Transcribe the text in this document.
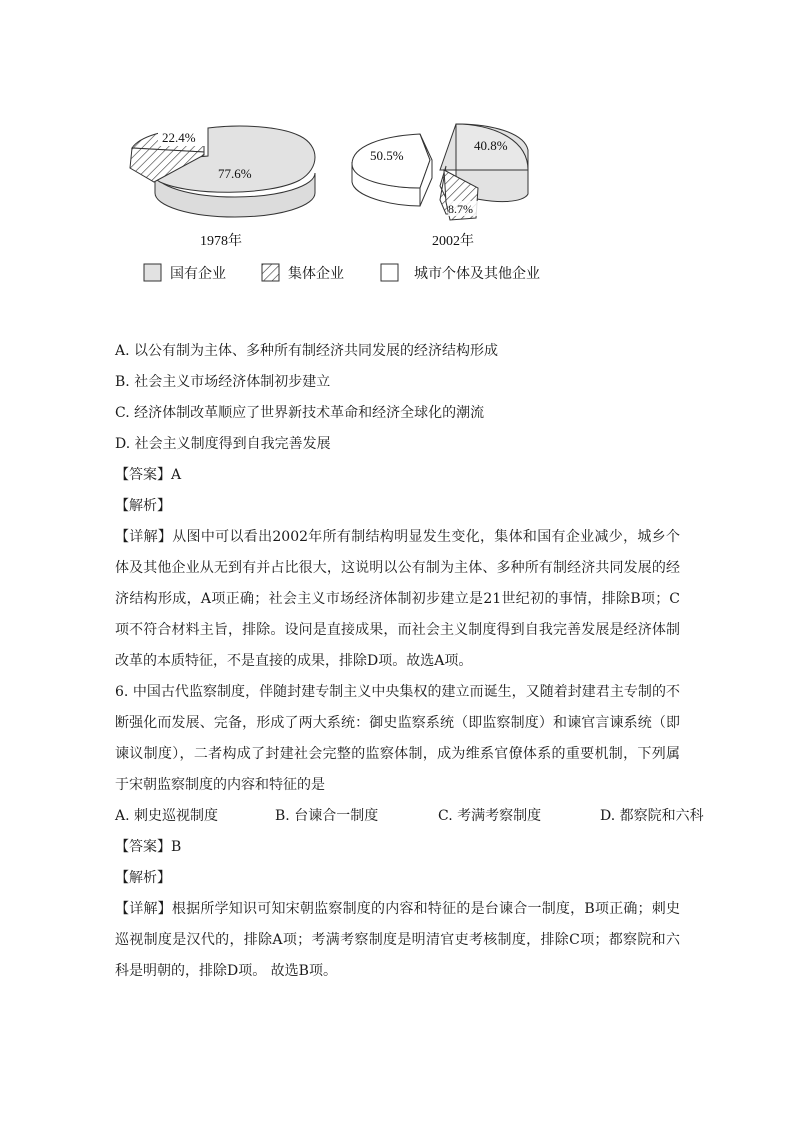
22.4%
77.6%
1978年
50.5%
40.8%
8.7%
2002年
国有企业	集体企业	城市个体及其他企业
A. 以公有制为主体、多种所有制经济共同发展的经济结构形成
B. 社会主义市场经济体制初步建立
C. 经济体制改革顺应了世界新技术革命和经济全球化的潮流
D. 社会主义制度得到自我完善发展
【答案】A
【解析】
【详解】从图中可以看出2002年所有制结构明显发生变化，集体和国有企业减少，城乡个体及其他企业从无到有并占比很大，这说明以公有制为主体、多种所有制经济共同发展的经济结构形成，A项正确；社会主义市场经济体制初步建立是21世纪初的事情，排除B项；C项不符合材料主旨，排除。设问是直接成果，而社会主义制度得到自我完善发展是经济体制改革的本质特征，不是直接的成果，排除D项。故选A项。
6. 中国古代监察制度，伴随封建专制主义中央集权的建立而诞生，又随着封建君主专制的不断强化而发展、完备，形成了两大系统：御史监察系统（即监察制度）和谏官言谏系统（即谏议制度），二者构成了封建社会完整的监察体制，成为维系官僚体系的重要机制，下列属于宋朝监察制度的内容和特征的是
A. 刺史巡视制度	B. 台谏合一制度	C. 考满考察制度	D. 都察院和六科
【答案】B
【解析】
【详解】根据所学知识可知宋朝监察制度的内容和特征的是台谏合一制度，B项正确；刺史巡视制度是汉代的，排除A项；考满考察制度是明清官吏考核制度，排除C项；都察院和六科是明朝的，排除D项。 故选B项。
